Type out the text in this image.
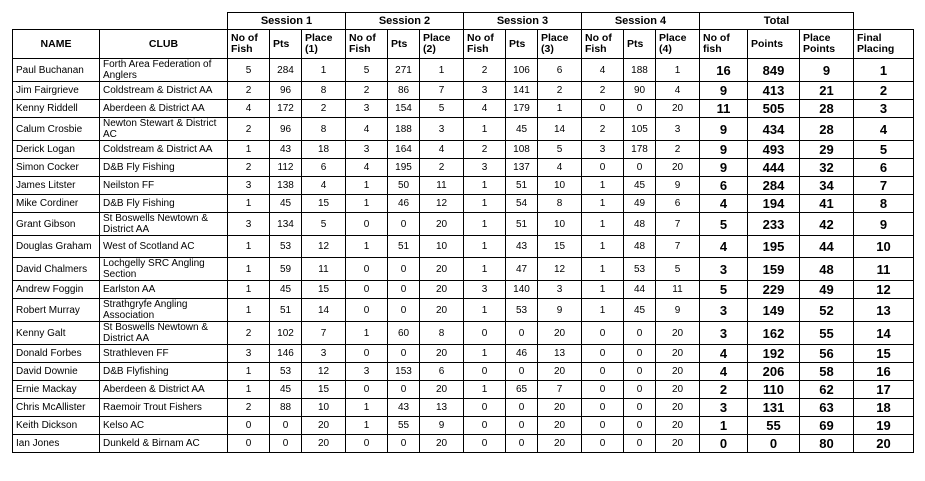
		Session 1			Session 2			Session 3			Session 4			Total			
NAME	CLUB	No of Fish	Pts	Place (1)	No of Fish	Pts	Place (2)	No of Fish	Pts	Place (3)	No of Fish	Pts	Place (4)	No of fish	Points	Place Points	Final Placing
Paul Buchanan	Forth Area Federation of Anglers	5	284	1	5	271	1	2	106	6	4	188	1	16	849	9	1
Jim Fairgrieve	Coldstream & District AA	2	96	8	2	86	7	3	141	2	2	90	4	9	413	21	2
Kenny Riddell	Aberdeen & District AA	4	172	2	3	154	5	4	179	1	0	0	20	11	505	28	3
Calum Crosbie	Newton Stewart & District AC	2	96	8	4	188	3	1	45	14	2	105	3	9	434	28	4
Derick Logan	Coldstream & District AA	1	43	18	3	164	4	2	108	5	3	178	2	9	493	29	5
Simon Cocker	D&B Fly Fishing	2	112	6	4	195	2	3	137	4	0	0	20	9	444	32	6
James Litster	Neilston FF	3	138	4	1	50	11	1	51	10	1	45	9	6	284	34	7
Mike Cordiner	D&B Fly Fishing	1	45	15	1	46	12	1	54	8	1	49	6	4	194	41	8
Grant Gibson	St Boswells Newtown & District AA	3	134	5	0	0	20	1	51	10	1	48	7	5	233	42	9
Douglas Graham	West of Scotland AC	1	53	12	1	51	10	1	43	15	1	48	7	4	195	44	10
David Chalmers	Lochgelly SRC Angling Section	1	59	11	0	0	20	1	47	12	1	53	5	3	159	48	11
Andrew Foggin	Earlston AA	1	45	15	0	0	20	3	140	3	1	44	11	5	229	49	12
Robert Murray	Strathgryfe Angling Association	1	51	14	0	0	20	1	53	9	1	45	9	3	149	52	13
Kenny Galt	St Boswells Newtown & District AA	2	102	7	1	60	8	0	0	20	0	0	20	3	162	55	14
Donald Forbes	Strathleven FF	3	146	3	0	0	20	1	46	13	0	0	20	4	192	56	15
David Downie	D&B Flyfishing	1	53	12	3	153	6	0	0	20	0	0	20	4	206	58	16
Ernie Mackay	Aberdeen & District AA	1	45	15	0	0	20	1	65	7	0	0	20	2	110	62	17
Chris McAllister	Raemoir Trout Fishers	2	88	10	1	43	13	0	0	20	0	0	20	3	131	63	18
Keith Dickson	Kelso AC	0	0	20	1	55	9	0	0	20	0	0	20	1	55	69	19
Ian Jones	Dunkeld & Birnam AC	0	0	20	0	0	20	0	0	20	0	0	20	0	0	80	20
